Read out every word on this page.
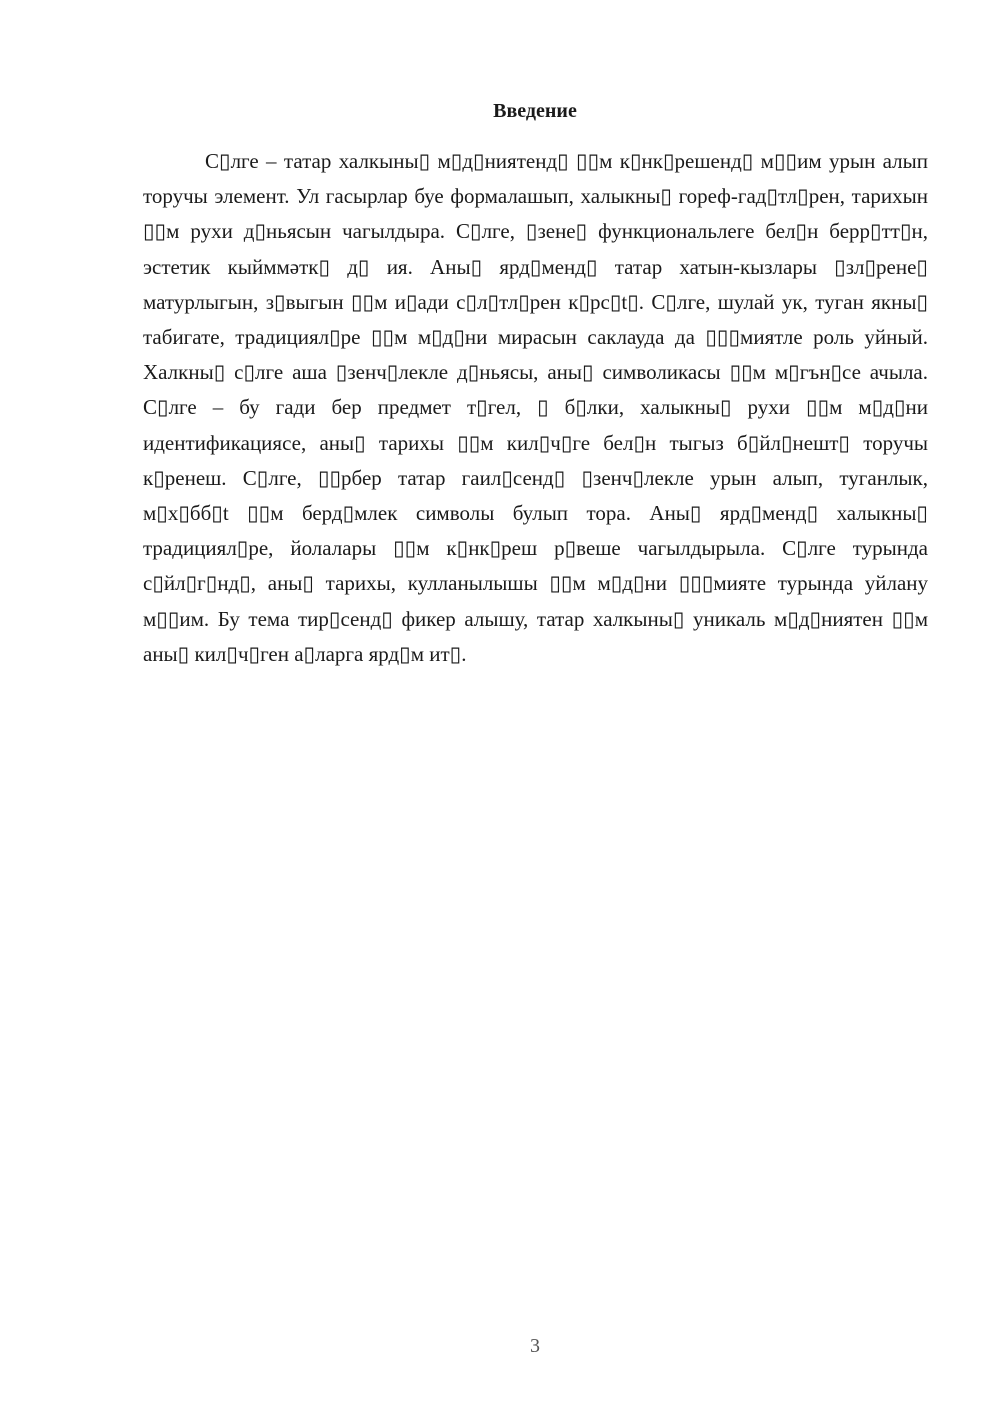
Введение

С▯лге – татар халкыны▯ м▯д▯ниятенд▯ ▯▯м к▯нк▯решенд▯ м▯▯им урын алып торучы элемент. Ул гасырлар буе формалашып, халыкны▯ гореф-гад▯тл▯рен, тарихын ▯▯м рухи д▯ньясын чагылдыра. С▯лге, ▯зене▯ функциональлеге бел▯н берр▯тт▯н, эстетик кыйммәтк▯ д▯ ия. Аны▯ ярд▯менд▯ татар хатын-кызлары ▯зл▯рене▯ матурлыгын, з▯выгын ▯▯м и▯ади с▯л▯тл▯рен к▯рс▯t▯. С▯лге, шулай ук, туган якны▯ табигате, традициял▯ре ▯▯м м▯д▯ни мирасын саклауда да ▯▯▯миятле роль уйный. Халкны▯ с▯лге аша ▯зенч▯лекле д▯ньясы, аны▯ символикасы ▯▯м м▯гън▯се ачыла. С▯лге – бу гади бер предмет т▯гел, ▯ б▯лки, халыкны▯ рухи ▯▯м м▯д▯ни идентификациясе, аны▯ тарихы ▯▯м кил▯ч▯ге бел▯н тыгыз б▯йл▯нешт▯ торучы к▯ренеш. С▯лге, ▯▯рбер татар гаил▯сенд▯ ▯зенч▯лекле урын алып, туганлык, м▯х▯бб▯t ▯▯м берд▯млек символы булып тора. Аны▯ ярд▯менд▯ халыкны▯ традициял▯ре, йолалары ▯▯м к▯нк▯реш р▯веше чагылдырыла. С▯лге турында с▯йл▯г▯нд▯, аны▯ тарихы, кулланылышы ▯▯м м▯д▯ни ▯▯▯мияте турында уйлану м▯▯им. Бу тема тир▯сенд▯ фикер алышу, татар халкыны▯ уникаль м▯д▯ниятен ▯▯м аны▯ кил▯ч▯ген а▯ларга ярд▯м ит▯.

3
